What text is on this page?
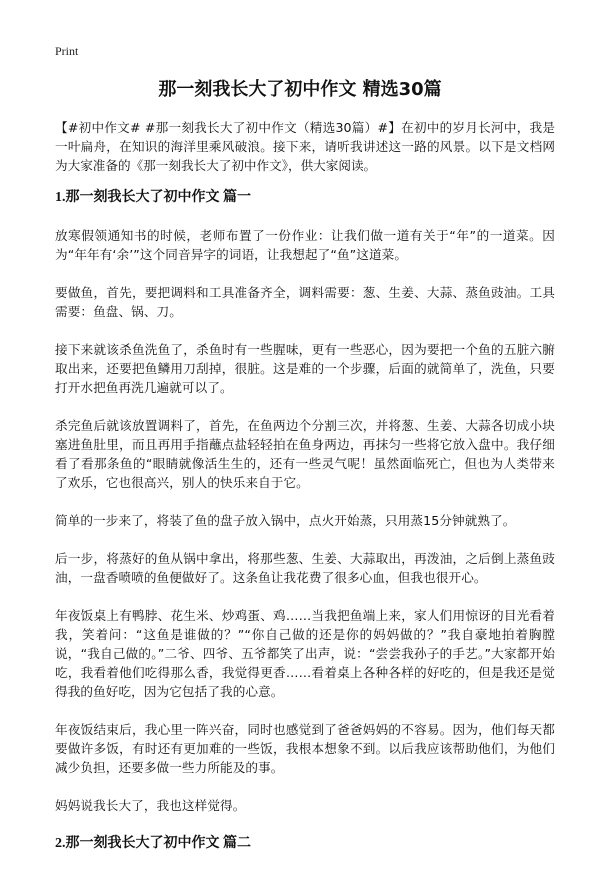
Print
那一刻我长大了初中作文 精选30篇

【#初中作文# #那一刻我长大了初中作文（精选30篇）#】在初中的岁月长河中，我是一叶扁舟，在知识的海洋里乘风破浪。接下来，请听我讲述这一路的风景。以下是文档网为大家准备的《那一刻我长大了初中作文》，供大家阅读。

1.那一刻我长大了初中作文 篇一

放寒假领通知书的时候，老师布置了一份作业：让我们做一道有关于“年”的一道菜。因为“年年有‘余’”这个同音异字的词语，让我想起了“鱼”这道菜。

要做鱼，首先，要把调料和工具准备齐全，调料需要：葱、生姜、大蒜、蒸鱼豉油。工具需要：鱼盘、锅、刀。

接下来就该杀鱼洗鱼了，杀鱼时有一些腥味，更有一些恶心，因为要把一个鱼的五脏六腑取出来，还要把鱼鳞用刀刮掉，很脏。这是难的一个步骤，后面的就简单了，洗鱼，只要打开水把鱼再洗几遍就可以了。

杀完鱼后就该放置调料了，首先，在鱼两边个分割三次，并将葱、生姜、大蒜各切成小块塞进鱼肚里，而且再用手指蘸点盐轻轻拍在鱼身两边，再抹匀一些将它放入盘中。我仔细看了看那条鱼的“眼睛就像活生生的，还有一些灵气呢！虽然面临死亡，但也为人类带来了欢乐，它也很高兴，别人的快乐来自于它。

简单的一步来了，将装了鱼的盘子放入锅中，点火开始蒸，只用蒸15分钟就熟了。

后一步，将蒸好的鱼从锅中拿出，将那些葱、生姜、大蒜取出，再泼油，之后倒上蒸鱼豉油，一盘香喷喷的鱼便做好了。这条鱼让我花费了很多心血，但我也很开心。

年夜饭桌上有鸭脖、花生米、炒鸡蛋、鸡……当我把鱼端上来，家人们用惊讶的目光看着我，笑着问：“这鱼是谁做的？”“你自己做的还是你的妈妈做的？”我自豪地拍着胸膛说，“我自己做的。”二爷、四爷、五爷都笑了出声，说：“尝尝我孙子的手艺。”大家都开始吃，我看着他们吃得那么香，我觉得更香……看着桌上各种各样的好吃的，但是我还是觉得我的鱼好吃，因为它包括了我的心意。

年夜饭结束后，我心里一阵兴奋，同时也感觉到了爸爸妈妈的不容易。因为，他们每天都要做许多饭，有时还有更加难的一些饭，我根本想象不到。以后我应该帮助他们，为他们减少负担，还要多做一些力所能及的事。

妈妈说我长大了，我也这样觉得。

2.那一刻我长大了初中作文 篇二
